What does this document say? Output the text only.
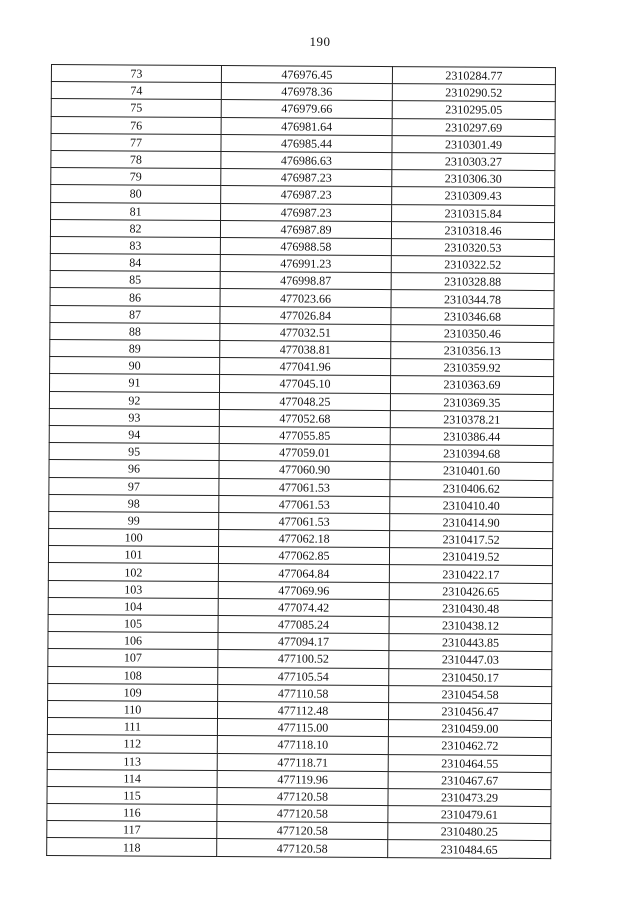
190
73	476976.45	2310284.77
74	476978.36	2310290.52
75	476979.66	2310295.05
76	476981.64	2310297.69
77	476985.44	2310301.49
78	476986.63	2310303.27
79	476987.23	2310306.30
80	476987.23	2310309.43
81	476987.23	2310315.84
82	476987.89	2310318.46
83	476988.58	2310320.53
84	476991.23	2310322.52
85	476998.87	2310328.88
86	477023.66	2310344.78
87	477026.84	2310346.68
88	477032.51	2310350.46
89	477038.81	2310356.13
90	477041.96	2310359.92
91	477045.10	2310363.69
92	477048.25	2310369.35
93	477052.68	2310378.21
94	477055.85	2310386.44
95	477059.01	2310394.68
96	477060.90	2310401.60
97	477061.53	2310406.62
98	477061.53	2310410.40
99	477061.53	2310414.90
100	477062.18	2310417.52
101	477062.85	2310419.52
102	477064.84	2310422.17
103	477069.96	2310426.65
104	477074.42	2310430.48
105	477085.24	2310438.12
106	477094.17	2310443.85
107	477100.52	2310447.03
108	477105.54	2310450.17
109	477110.58	2310454.58
110	477112.48	2310456.47
111	477115.00	2310459.00
112	477118.10	2310462.72
113	477118.71	2310464.55
114	477119.96	2310467.67
115	477120.58	2310473.29
116	477120.58	2310479.61
117	477120.58	2310480.25
118	477120.58	2310484.65
